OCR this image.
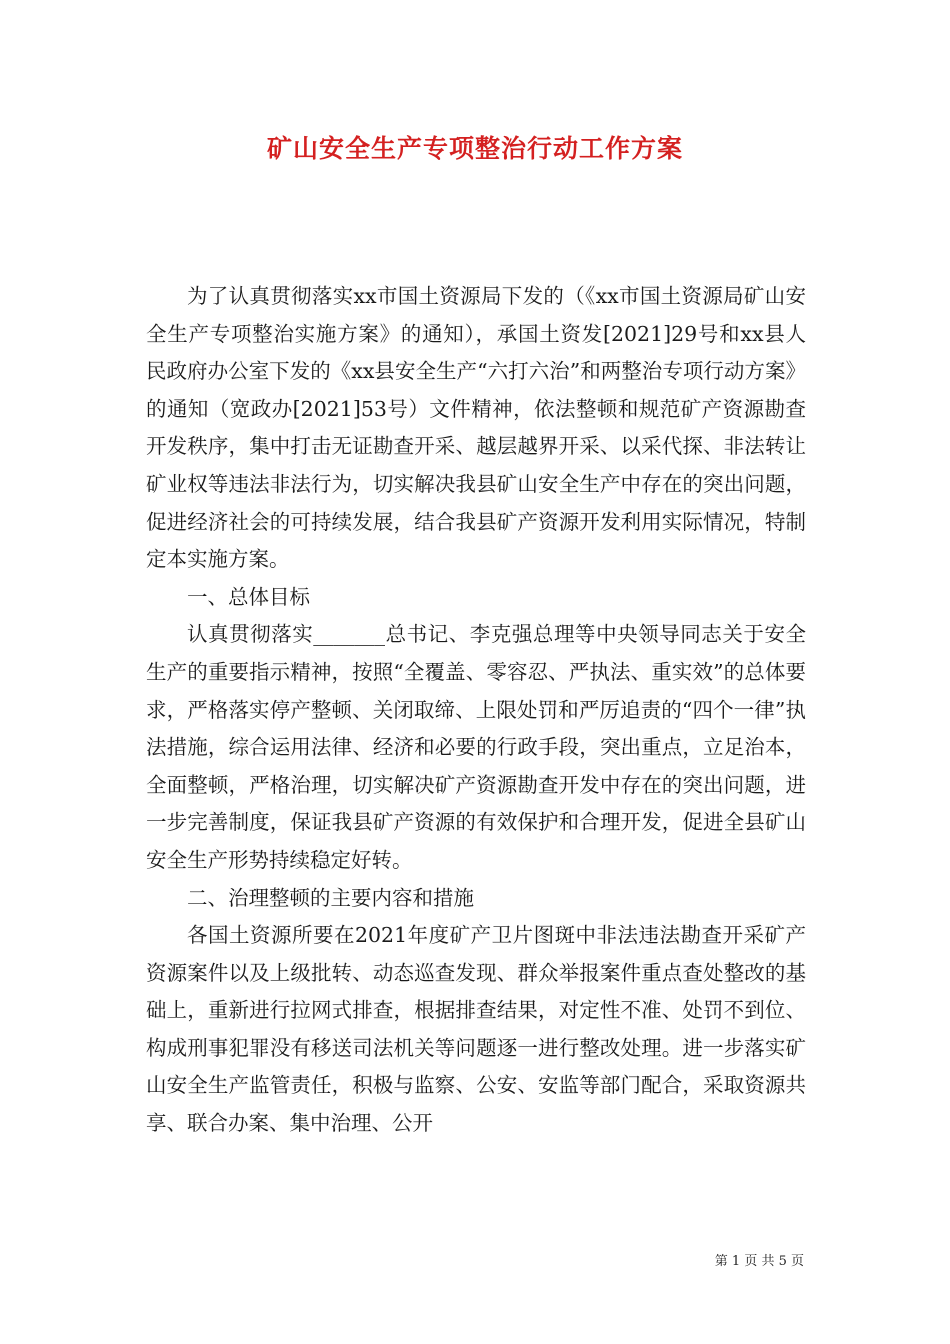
矿山安全生产专项整治行动工作方案

为了认真贯彻落实xx市国土资源局下发的（《xx市国土资源局矿山安全生产专项整治实施方案》的通知），承国土资发[2021]29号和xx县人民政府办公室下发的《xx县安全生产“六打六治”和两整治专项行动方案》的通知（宽政办[2021]53号）文件精神，依法整顿和规范矿产资源勘查开发秩序，集中打击无证勘查开采、越层越界开采、以采代探、非法转让矿业权等违法非法行为，切实解决我县矿山安全生产中存在的突出问题，促进经济社会的可持续发展，结合我县矿产资源开发利用实际情况，特制定本实施方案。

一、总体目标

认真贯彻落实_______总书记、李克强总理等中央领导同志关于安全生产的重要指示精神，按照“全覆盖、零容忍、严执法、重实效”的总体要求，严格落实停产整顿、关闭取缔、上限处罚和严厉追责的“四个一律”执法措施，综合运用法律、经济和必要的行政手段，突出重点，立足治本，全面整顿，严格治理，切实解决矿产资源勘查开发中存在的突出问题，进一步完善制度，保证我县矿产资源的有效保护和合理开发，促进全县矿山安全生产形势持续稳定好转。

二、治理整顿的主要内容和措施

各国土资源所要在2021年度矿产卫片图斑中非法违法勘查开采矿产资源案件以及上级批转、动态巡查发现、群众举报案件重点查处整改的基础上，重新进行拉网式排查，根据排查结果，对定性不准、处罚不到位、构成刑事犯罪没有移送司法机关等问题逐一进行整改处理。进一步落实矿山安全生产监管责任，积极与监察、公安、安监等部门配合，采取资源共享、联合办案、集中治理、公开

第 1 页 共 5 页
